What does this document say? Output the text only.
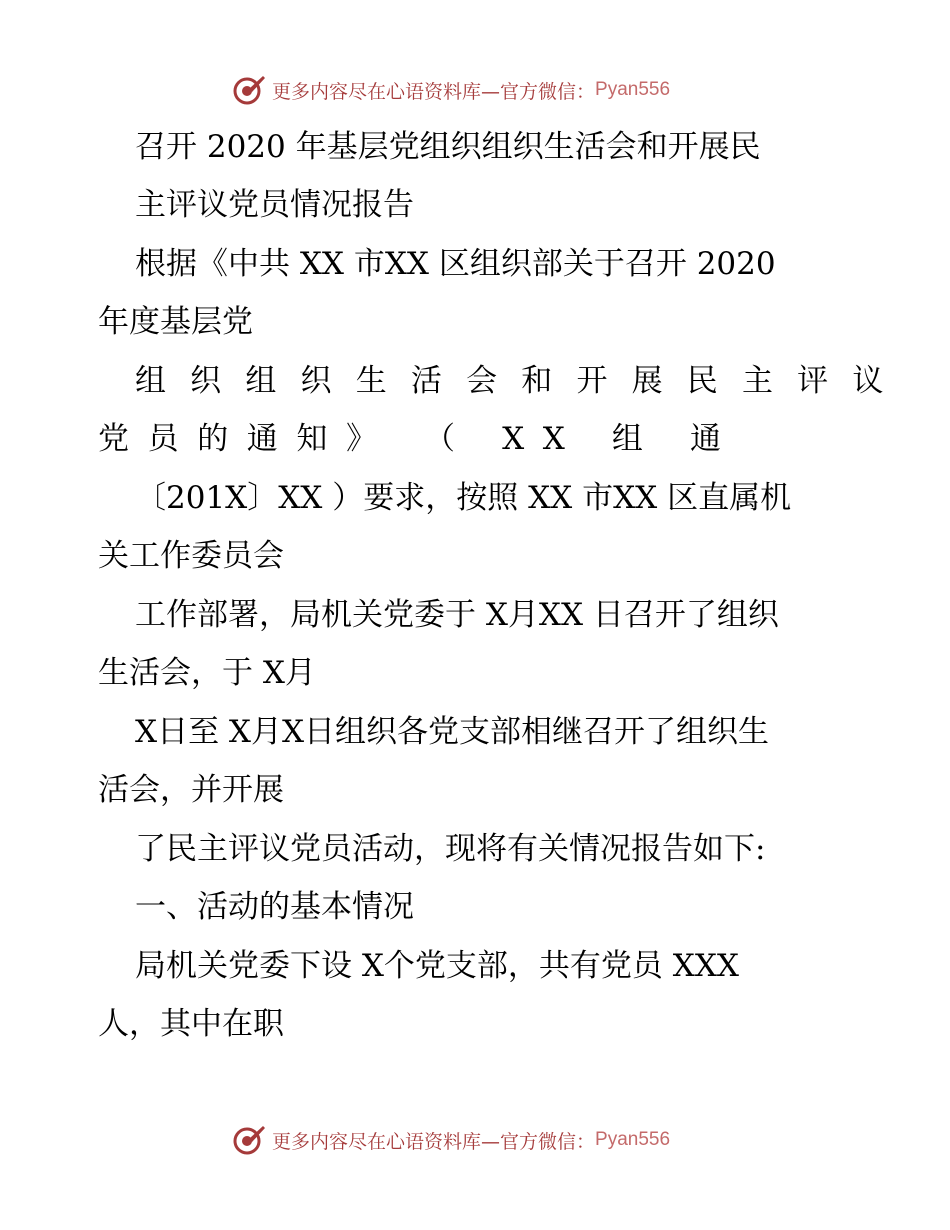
更多内容尽在心语资料库—官方微信： Pyan556
召开 2020 年基层党组织组织生活会和开展民
主评议党员情况报告
根据《中共 XX 市XX 区组织部关于召开 2020
年度基层党
组织组织生活会和开展民主评议
党员的通知》 （ XX 组 通
〔201X〕XX ）要求，按照 XX 市XX 区直属机
关工作委员会
工作部署，局机关党委于 X月XX 日召开了组织
生活会，于 X月
X日至 X月X日组织各党支部相继召开了组织生
活会，并开展
了民主评议党员活动，现将有关情况报告如下:
一、活动的基本情况
局机关党委下设 X个党支部，共有党员 XXX
人，其中在职
更多内容尽在心语资料库—官方微信： Pyan556
